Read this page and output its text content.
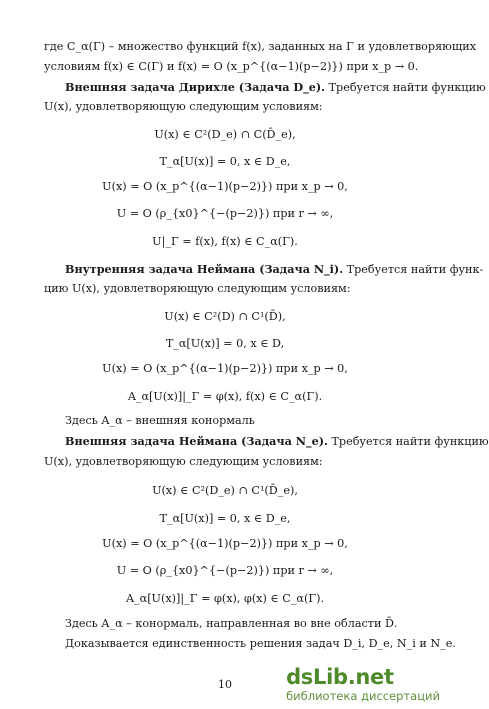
где C_α(Γ) – множество функций f(x), заданных на Γ и удовлетворяющих
условиям f(x) ∈ C(Γ) и f(x) = O (x_p^{(α−1)(p−2)}) при x_p → 0.
Внешняя задача Дирихле (Задача D_e). Требуется найти функцию
U(x), удовлетворяющую следующим условиям:
U(x) ∈ C²(D_e) ∩ C(D̄_e),
T_α[U(x)] = 0, x ∈ D_e,
U(x) = O (x_p^{(α−1)(p−2)}) при x_p → 0,
U = O (ρ_{x0}^{−(p−2)}) при r → ∞,
U|_Γ = f(x), f(x) ∈ C_α(Γ).
Внутренняя задача Неймана (Задача N_i). Требуется найти функ-
цию U(x), удовлетворяющую следующим условиям:
U(x) ∈ C²(D) ∩ C¹(D̄),
T_α[U(x)] = 0, x ∈ D,
U(x) = O (x_p^{(α−1)(p−2)}) при x_p → 0,
A_α[U(x)]|_Γ = φ(x), f(x) ∈ C_α(Γ).
Здесь A_α – внешняя конормаль
Внешняя задача Неймана (Задача N_e). Требуется найти функцию
U(x), удовлетворяющую следующим условиям:
U(x) ∈ C²(D_e) ∩ C¹(D̄_e),
T_α[U(x)] = 0, x ∈ D_e,
U(x) = O (x_p^{(α−1)(p−2)}) при x_p → 0,
U = O (ρ_{x0}^{−(p−2)}) при r → ∞,
A_α[U(x)]|_Γ = φ(x), φ(x) ∈ C_α(Γ).
Здесь A_α – конормаль, направленная во вне области D̄.
Доказывается единственность решения задач D_i, D_e, N_i и N_e.
10	dsLib.net
библиотека диссертаций
